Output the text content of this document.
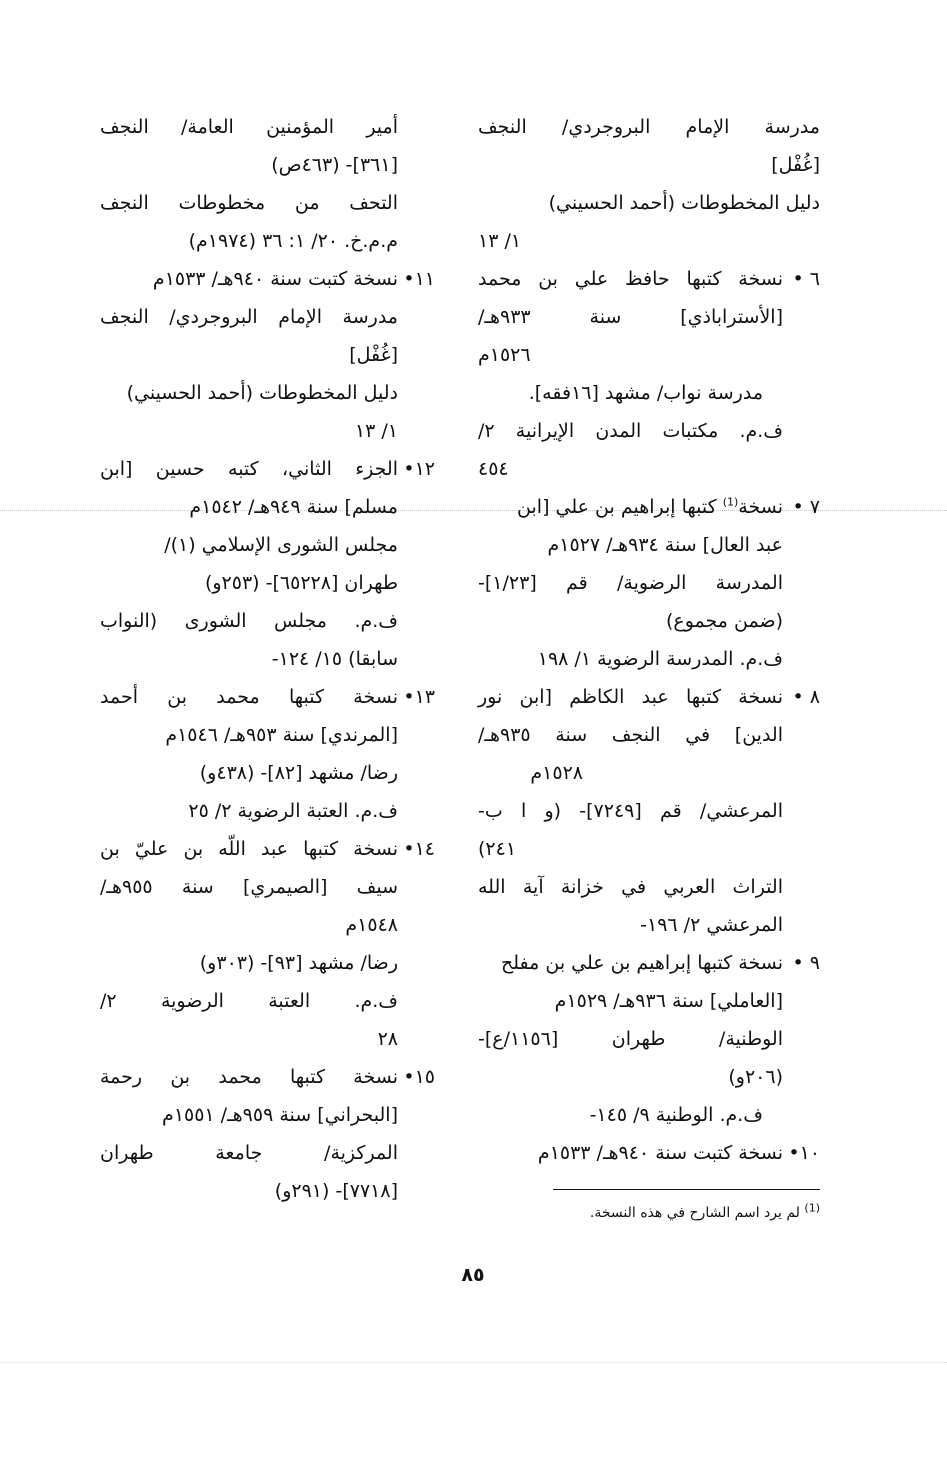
مدرسة الإمام البروجردي/ النجف
[غُفْل]
دليل المخطوطات (أحمد الحسيني)
١/ ١٣
٦ •
نسخة كتبها حافظ علي بن محمد
[الأستراباذي] سنة ٩٣٣هـ/
١٥٢٦م
مدرسة نواب/ مشهد [١٦فقه].
ف.م. مكتبات المدن الإيرانية ٢/
٤٥٤
٧ •
نسخة$^{(1)}$ كتبها إبراهيم بن علي [ابن
عبد العال] سنة ٩٣٤هـ/ ١٥٢٧م
المدرسة الرضوية/ قم [١/٢٣]-
(ضمن مجموع)
ف.م. المدرسة الرضوية ١/ ١٩٨
٨ •
نسخة كتبها عبد الكاظم [ابن نور
الدين] في النجف سنة ٩٣٥هـ/
١٥٢٨م
المرعشي/ قم [٧٢٤٩]- (و ا ب-
٢٤١)
التراث العربي في خزانة آية الله
المرعشي ٢/ ١٩٦-
٩ •
نسخة كتبها إبراهيم بن علي بن مفلح
[العاملي] سنة ٩٣٦هـ/ ١٥٢٩م
الوطنية/ طهران [١١٥٦/ع]-
(٢٠٦و)
ف.م. الوطنية ٩/ ١٤٥-
١٠•
نسخة كتبت سنة ٩٤٠هـ/ ١٥٣٣م
أمير المؤمنين العامة/ النجف
[٣٦١]- (٤٦٣ص)
التحف من مخطوطات النجف
م.م.خ. ٢٠/ ١: ٣٦ (١٩٧٤م)
١١•
نسخة كتبت سنة ٩٤٠هـ/ ١٥٣٣م
مدرسة الإمام البروجردي/ النجف
[غُفْل]
دليل المخطوطات (أحمد الحسيني)
١/ ١٣
١٢•
الجزء الثاني، كتبه حسين [ابن
مسلم] سنة ٩٤٩هـ/ ١٥٤٢م
مجلس الشورى الإسلامي (١)/
طهران [٦٥٢٢٨]- (٢٥٣و)
ف.م. مجلس الشورى (النواب
سابقا) ١٥/ ١٢٤-
١٣•
نسخة كتبها محمد بن أحمد
[المرندي] سنة ٩٥٣هـ/ ١٥٤٦م
رضا/ مشهد [٨٢]- (٤٣٨و)
ف.م. العتبة الرضوية ٢/ ٢٥
١٤•
نسخة كتبها عبد اللّه بن عليّ بن
سيف [الصيمري] سنة ٩٥٥هـ/
١٥٤٨م
رضا/ مشهد [٩٣]- (٣٠٣و)
ف.م. العتبة الرضوية ٢/
٢٨
١٥•
نسخة كتبها محمد بن رحمة
[البحراني] سنة ٩٥٩هـ/ ١٥٥١م
المركزية/ جامعة طهران
[٧٧١٨]- (٢٩١و)
$^{(1)}$ لم يرد اسم الشارح في هذه النسخة.
٨٥
